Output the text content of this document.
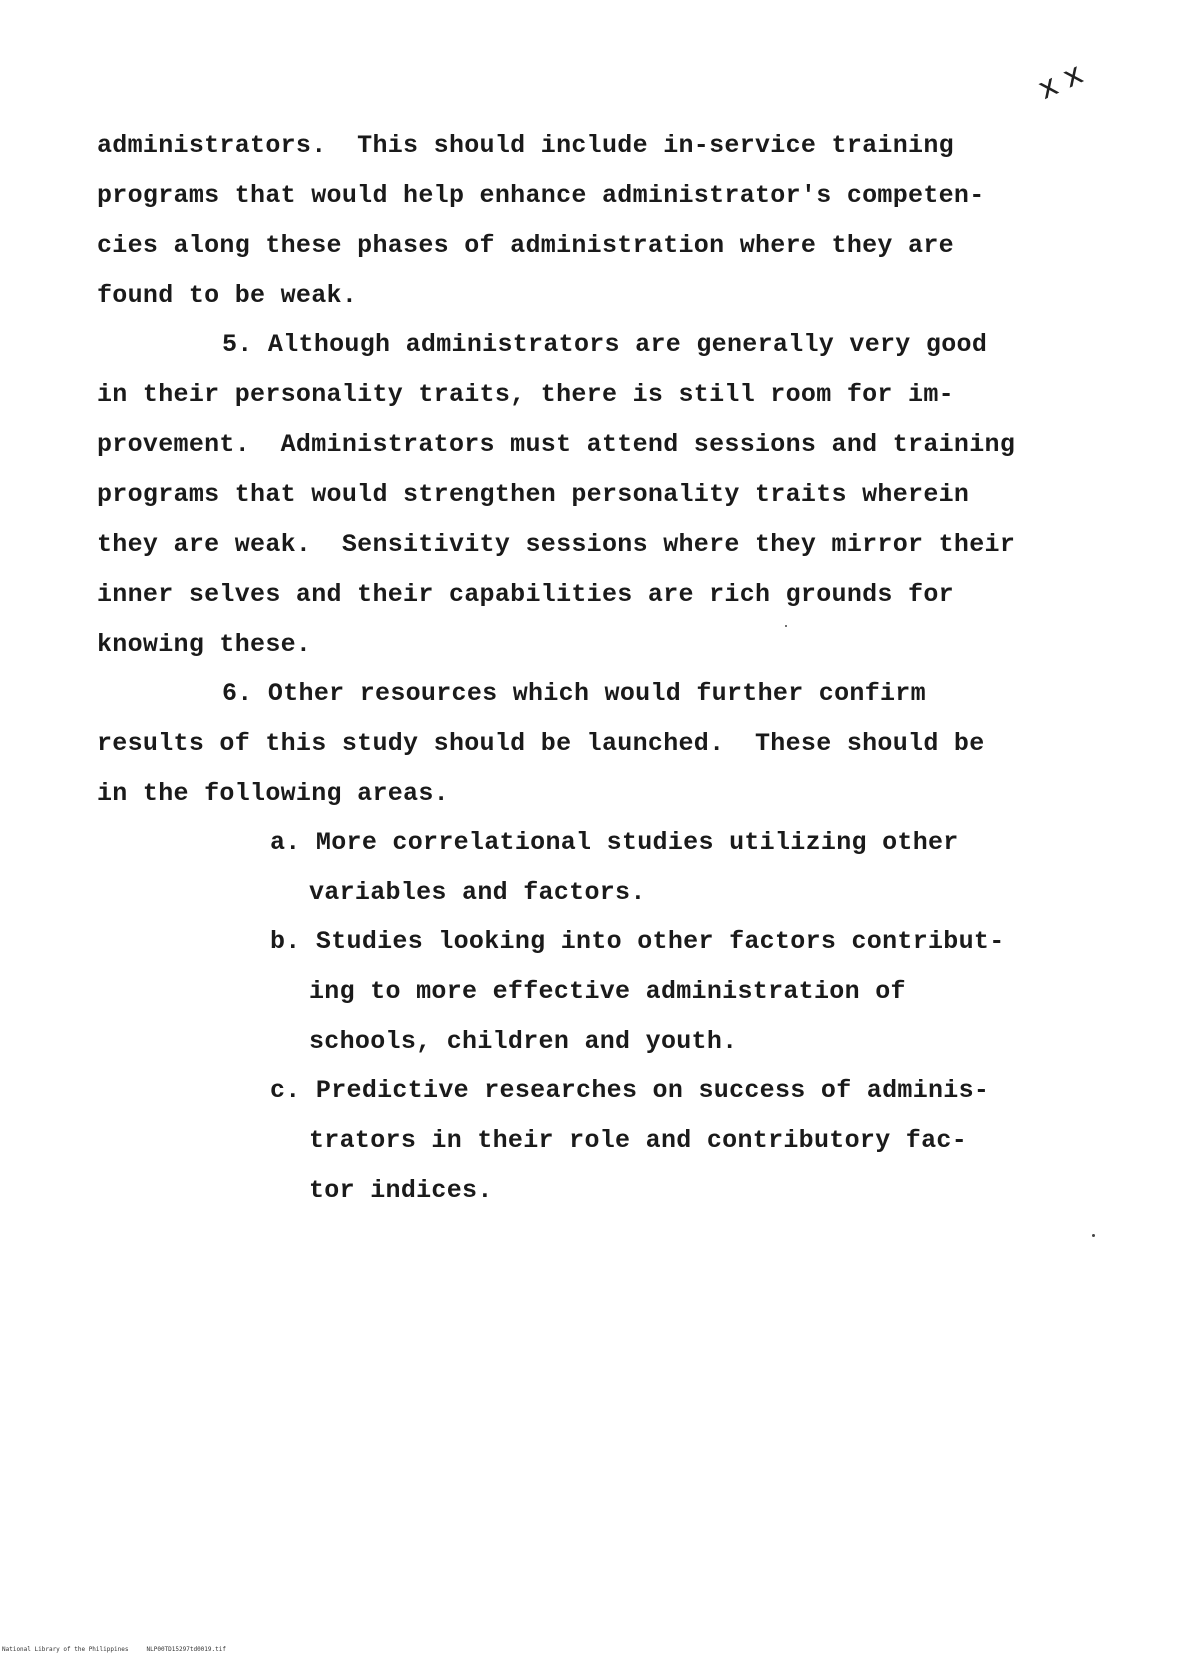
x x
administrators.  This should include in-service training
programs that would help enhance administrator's competen-
cies along these phases of administration where they are
found to be weak.
5. Although administrators are generally very good
in their personality traits, there is still room for im-
provement.  Administrators must attend sessions and training
programs that would strengthen personality traits wherein
they are weak.  Sensitivity sessions where they mirror their
inner selves and their capabilities are rich grounds for
knowing these.
6. Other resources which would further confirm
results of this study should be launched.  These should be
in the following areas.
a. More correlational studies utilizing other
variables and factors.
b. Studies looking into other factors contribut-
ing to more effective administration of
schools, children and youth.
c. Predictive researches on success of adminis-
trators in their role and contributory fac-
tor indices.
National Library of the Philippines	NLP00TD15297td0019.tif
